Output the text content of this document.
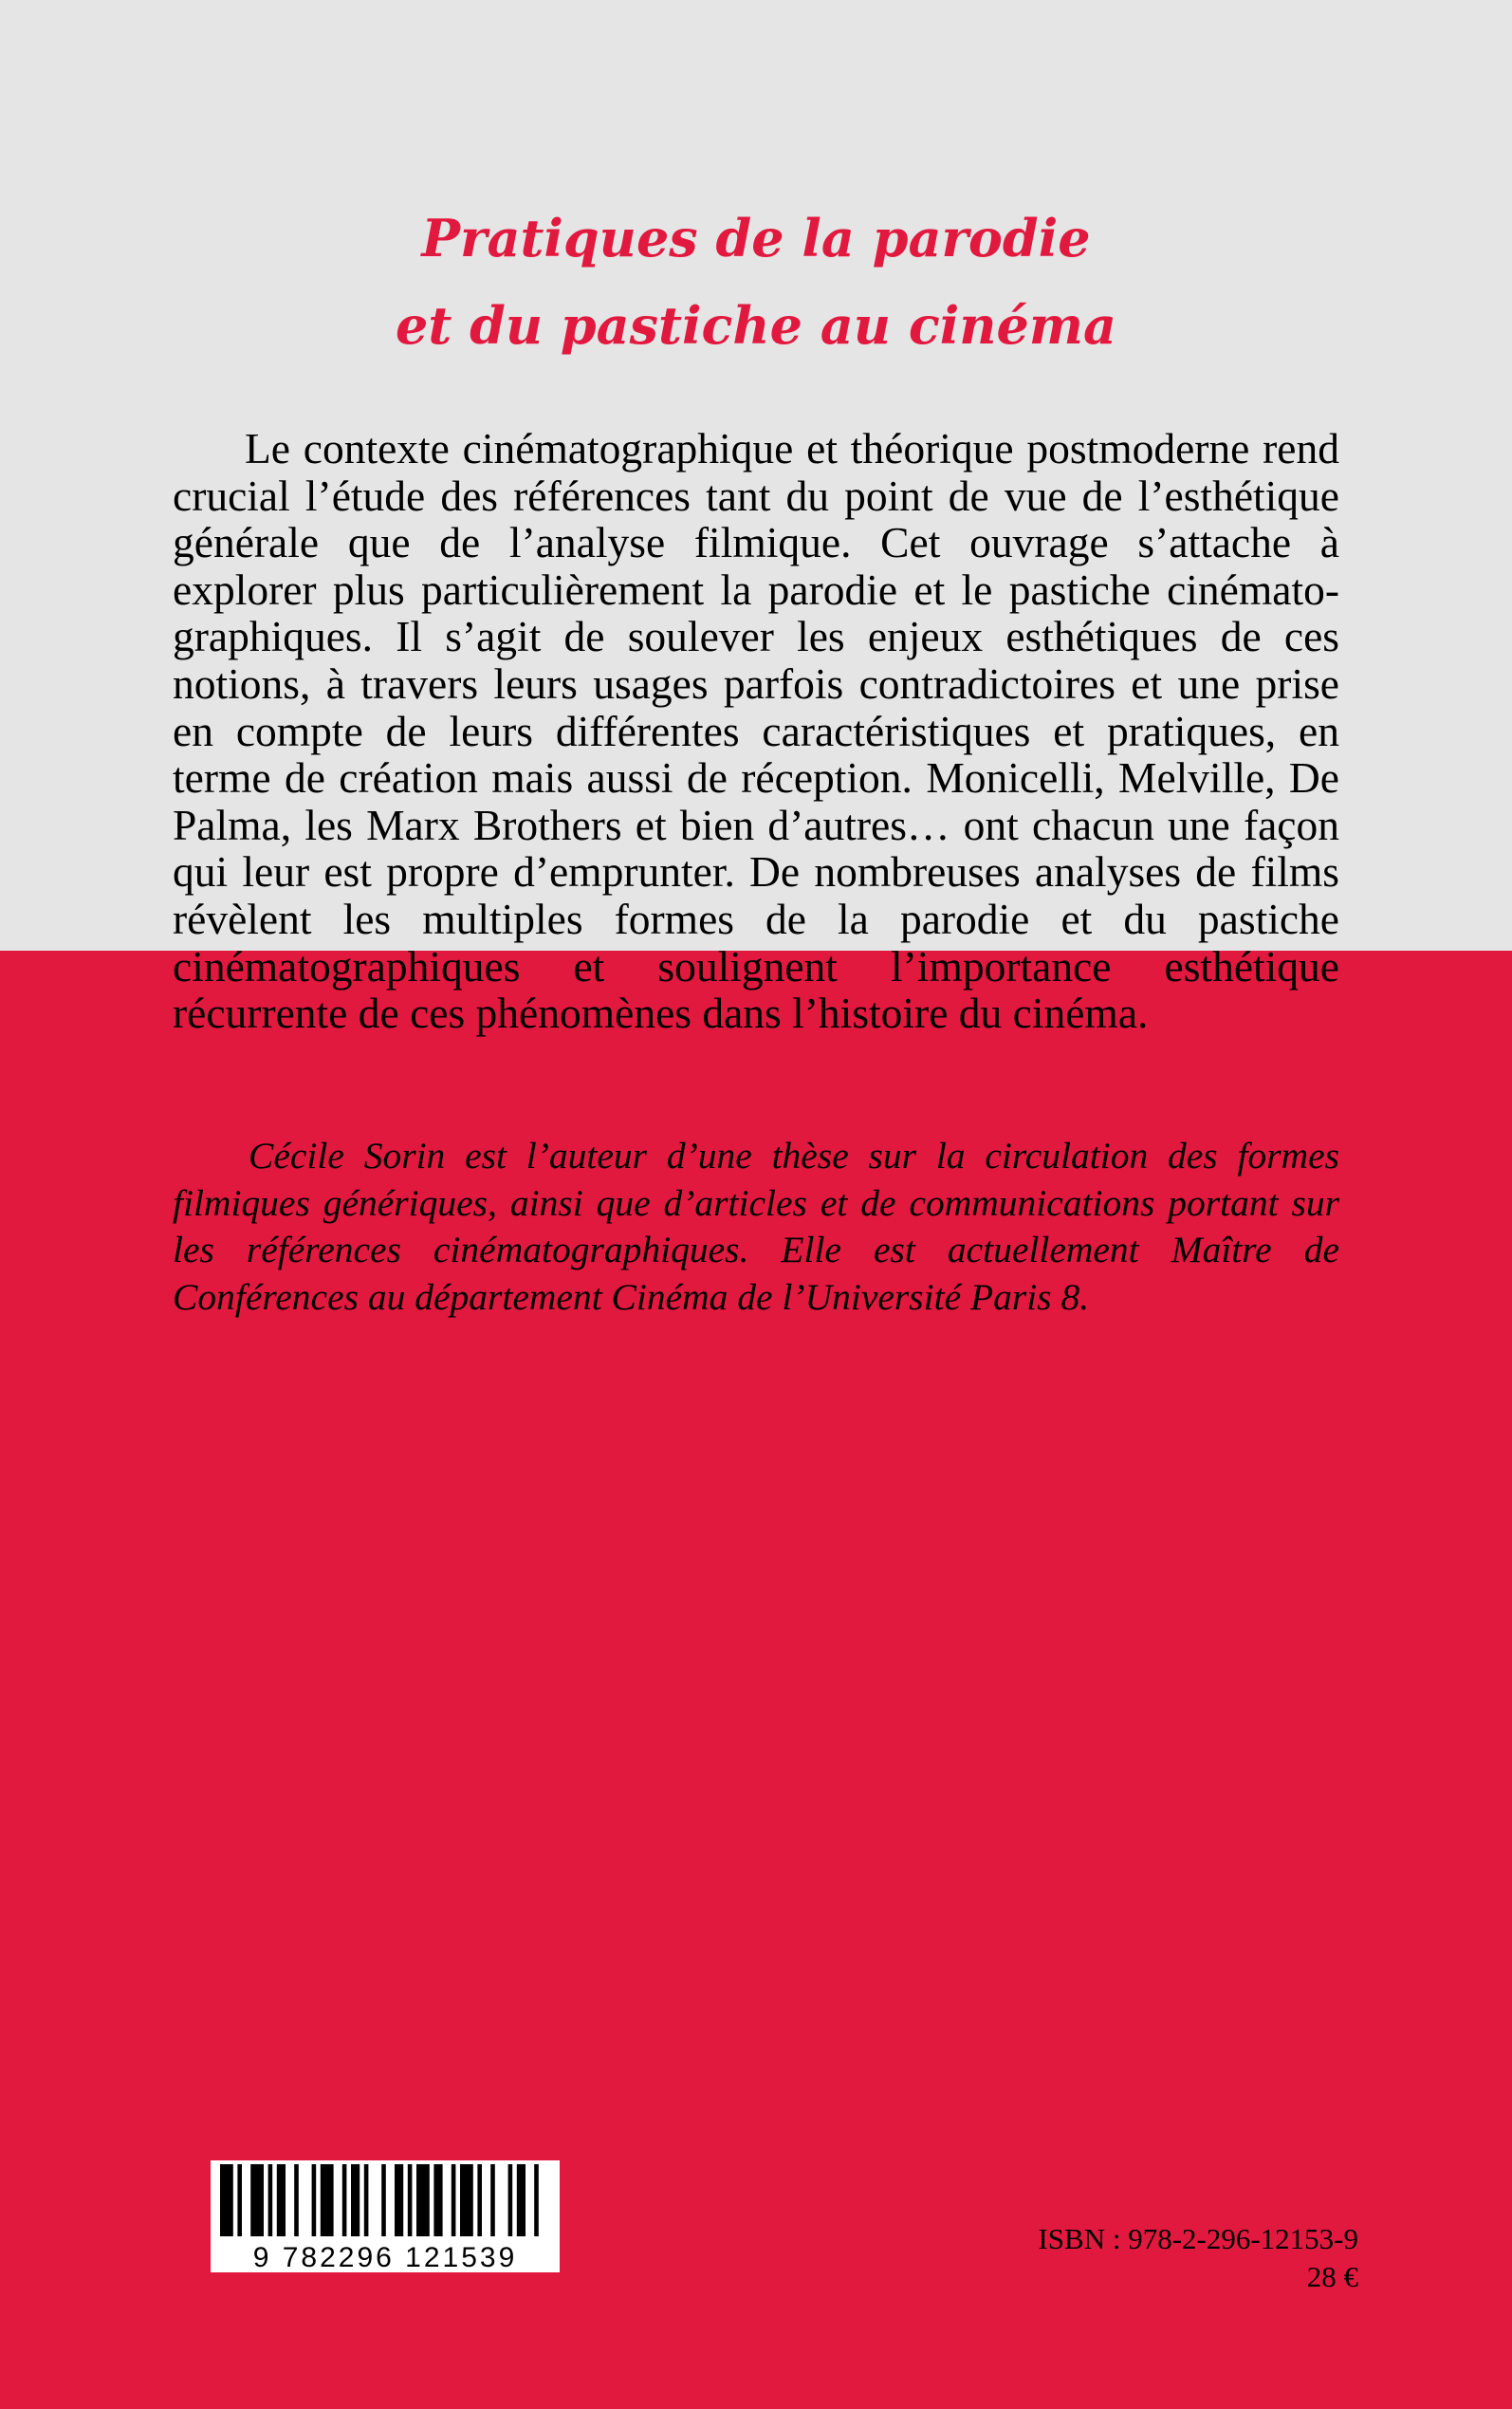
Pratiques de la parodie
et du pastiche au cinéma

Le contexte cinématographique et théorique postmoderne rend crucial l’étude des références tant du point de vue de l’esthétique générale que de l’analyse filmique. Cet ouvrage s’attache à explorer plus particulièrement la parodie et le pastiche cinématographiques. Il s’agit de soulever les enjeux esthétiques de ces notions, à travers leurs usages parfois contradictoires et une prise en compte de leurs différentes caractéristiques et pratiques, en terme de création mais aussi de réception. Monicelli, Melville, De Palma, les Marx Brothers et bien d’autres… ont chacun une façon qui leur est propre d’emprunter. De nombreuses analyses de films révèlent les multiples formes de la parodie et du pastiche cinématographiques et soulignent l’importance esthétique récurrente de ces phénomènes dans l’histoire du cinéma.

Cécile Sorin est l’auteur d’une thèse sur la circulation des formes filmiques génériques, ainsi que d’articles et de communications portant sur les références cinématographiques. Elle est actuellement Maître de Conférences au département Cinéma de l’Université Paris 8.

9 782296 121539
ISBN : 978-2-296-12153-9
28 €
